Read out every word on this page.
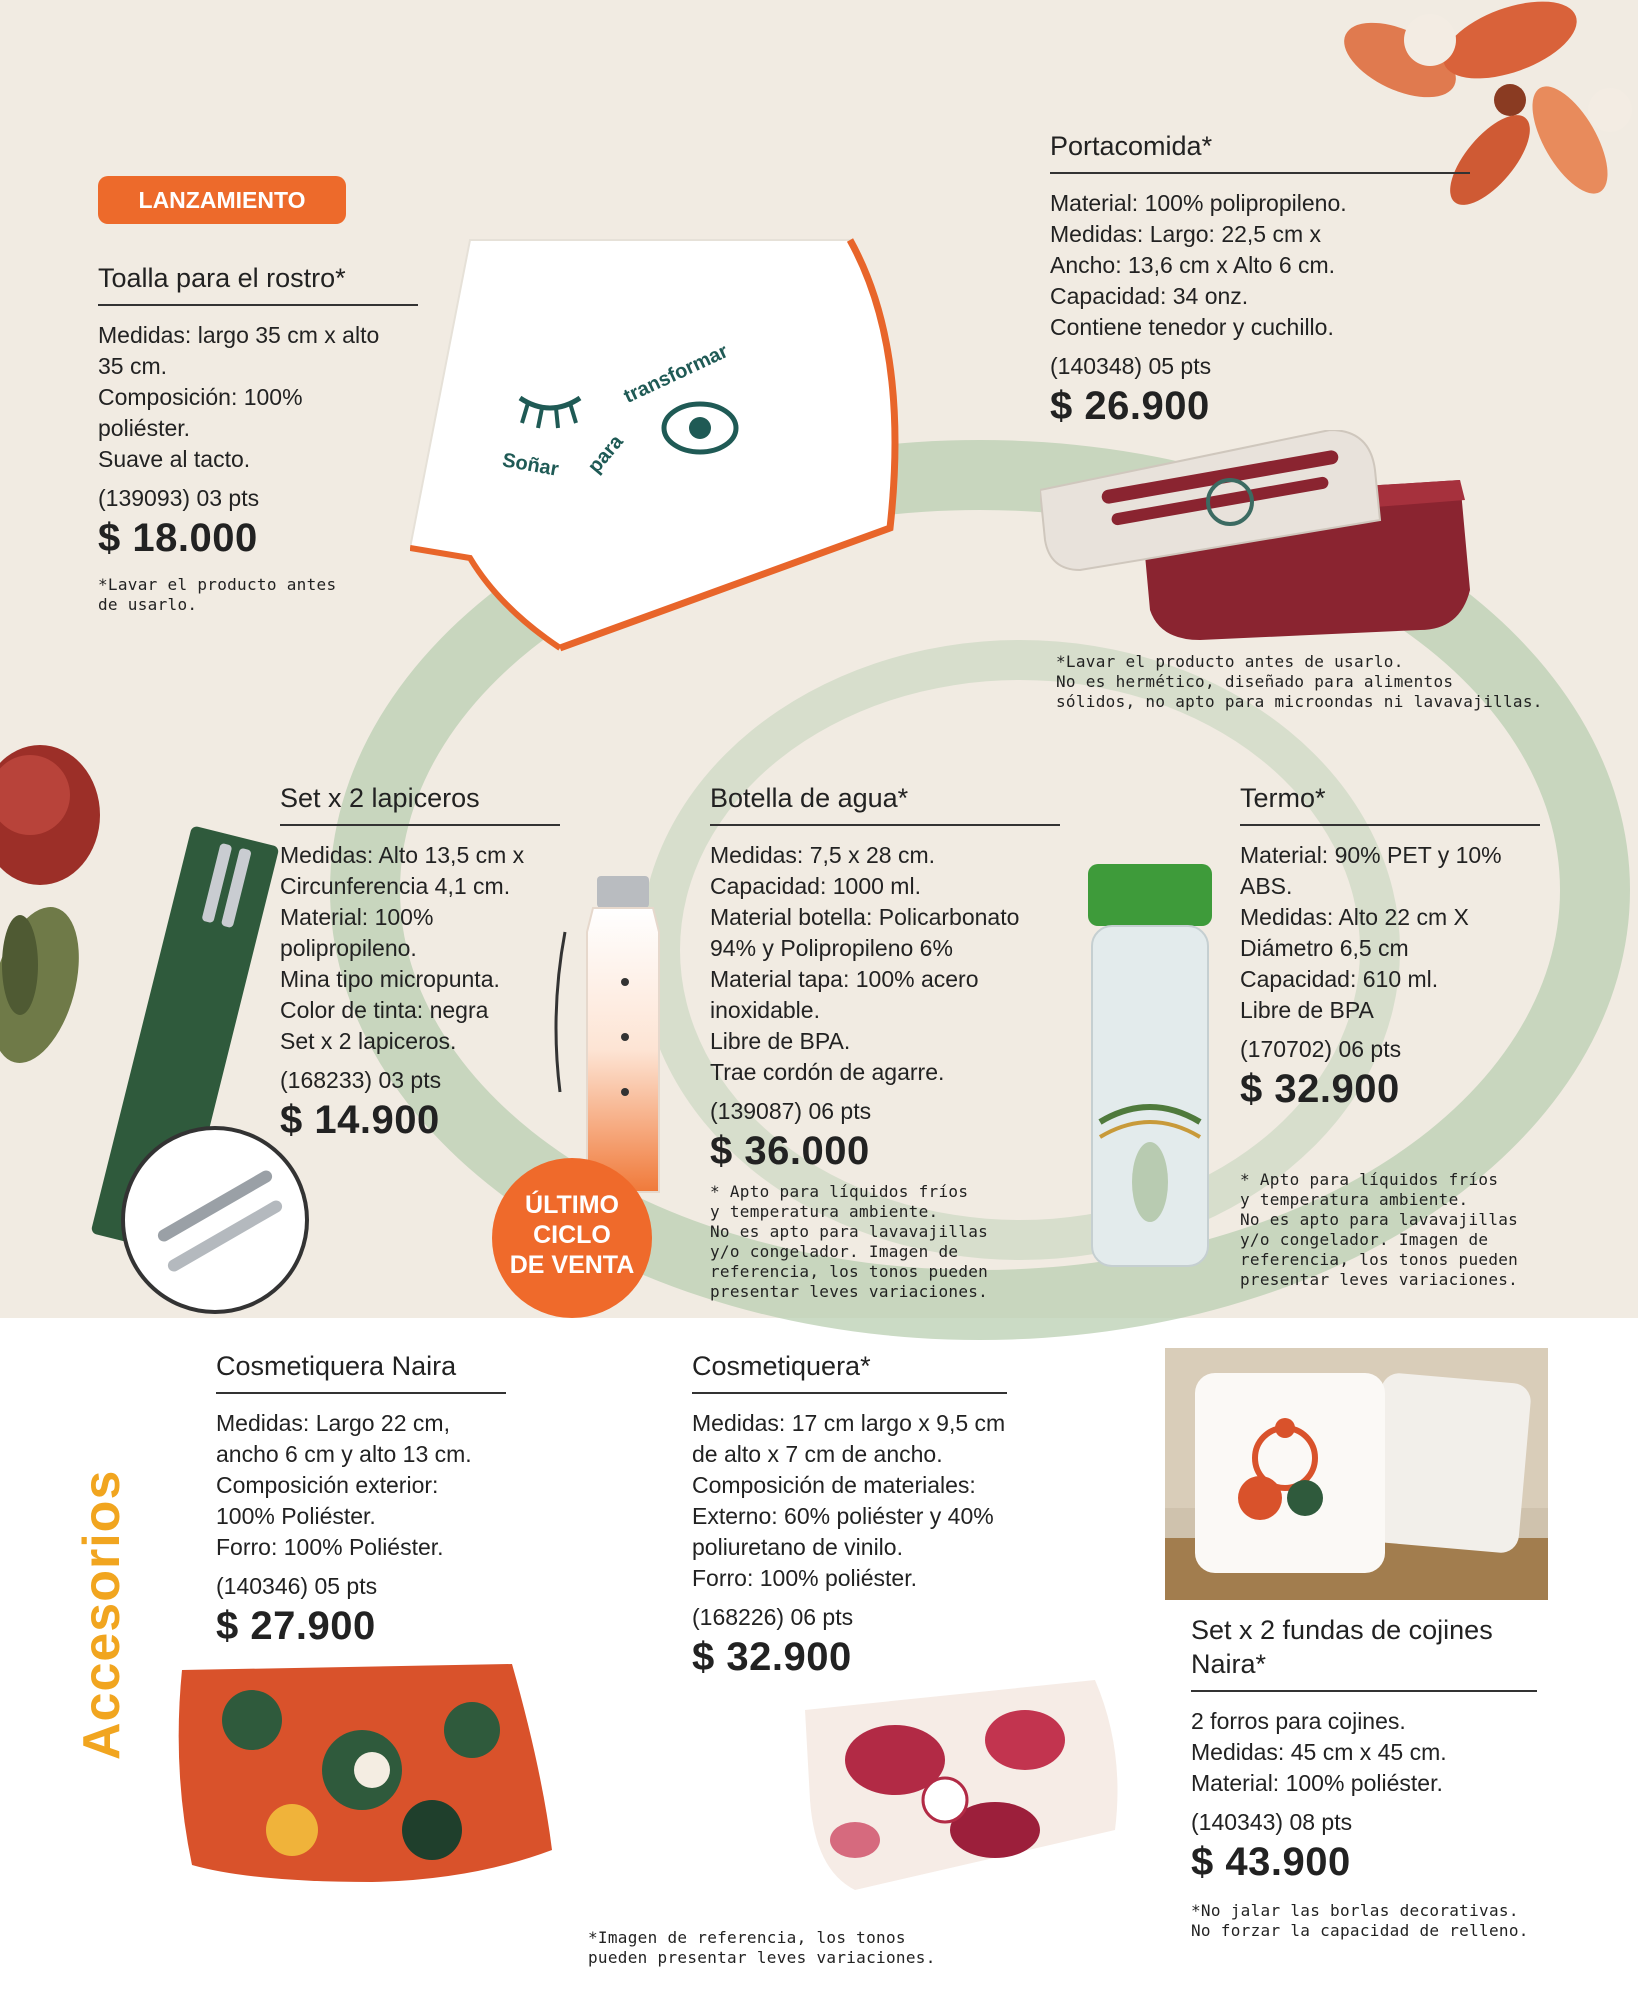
LANZAMIENTO
Toalla para el rostro*
Medidas: largo 35 cm x alto
35 cm.
Composición: 100%
poliéster.
Suave al tacto.
(139093) 03 pts
$ 18.000
*Lavar el producto antes
de usarlo.
Soñar para
transformar
Portacomida*
Material: 100% polipropileno.
Medidas: Largo: 22,5 cm x
Ancho: 13,6 cm x Alto 6 cm.
Capacidad: 34 onz.
Contiene tenedor y cuchillo.
(140348) 05 pts
$ 26.900
*Lavar el producto antes de usarlo.
No es hermético, diseñado para alimentos
sólidos, no apto para microondas ni lavavajillas.
Set x 2 lapiceros
Medidas: Alto 13,5 cm x
Circunferencia 4,1 cm.
Material: 100%
polipropileno.
Mina tipo micropunta.
Color de tinta: negra
Set x 2 lapiceros.
(168233) 03 pts
$ 14.900
ÚLTIMO
CICLO
DE VENTA
Botella de agua*
Medidas: 7,5 x 28 cm.
Capacidad: 1000 ml.
Material botella: Policarbonato
94% y Polipropileno 6%
Material tapa: 100% acero
inoxidable.
Libre de BPA.
Trae cordón de agarre.
(139087) 06 pts
$ 36.000
* Apto para líquidos fríos
y temperatura ambiente.
No es apto para lavavajillas
y/o congelador. Imagen de
referencia, los tonos pueden
presentar leves variaciones.
Termo*
Material: 90% PET y 10%
ABS.
Medidas: Alto 22 cm X
Diámetro 6,5 cm
Capacidad: 610 ml.
Libre de BPA
(170702) 06 pts
$ 32.900
* Apto para líquidos fríos
y temperatura ambiente.
No es apto para lavavajillas
y/o congelador. Imagen de
referencia, los tonos pueden
presentar leves variaciones.
Accesorios
Cosmetiquera Naira
Medidas: Largo 22 cm,
ancho 6 cm y alto 13 cm.
Composición exterior:
100% Poliéster.
Forro: 100% Poliéster.
(140346) 05 pts
$ 27.900
Cosmetiquera*
Medidas: 17 cm largo x 9,5 cm
de alto x 7 cm de ancho.
Composición de materiales:
Externo: 60% poliéster y 40%
poliuretano de vinilo.
Forro: 100% poliéster.
(168226) 06 pts
$ 32.900
*Imagen de referencia, los tonos
pueden presentar leves variaciones.
Set x 2 fundas de cojines
Naira*
2 forros para cojines.
Medidas: 45 cm x 45 cm.
Material: 100% poliéster.
(140343) 08 pts
$ 43.900
*No jalar las borlas decorativas.
No forzar la capacidad de relleno.
